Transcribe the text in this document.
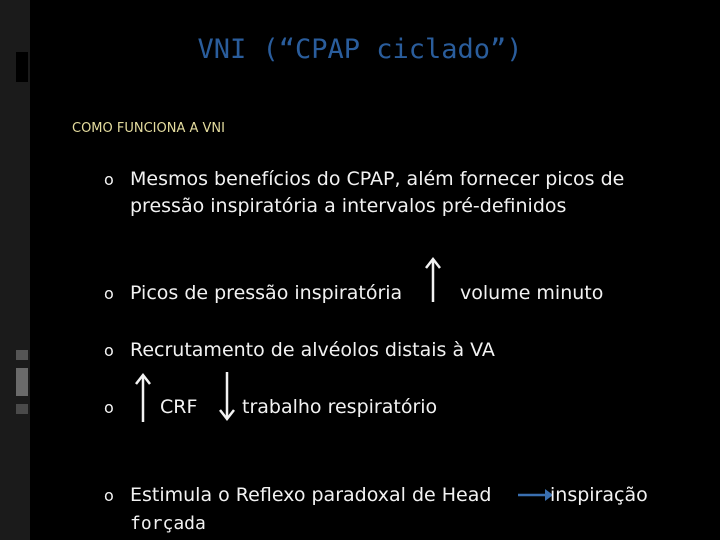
VNI (“CPAP ciclado”)
COMO FUNCIONA A VNI
o Mesmos benefícios do CPAP, além fornecer picos de pressão inspiratória a intervalos pré-definidos
o Picos de pressão inspiratória	volume minuto
o Recrutamento de alvéolos distais à VA
o	CRF trabalho respiratório
o Estimula o Reflexo paradoxal de Head	inspiração
forçada
